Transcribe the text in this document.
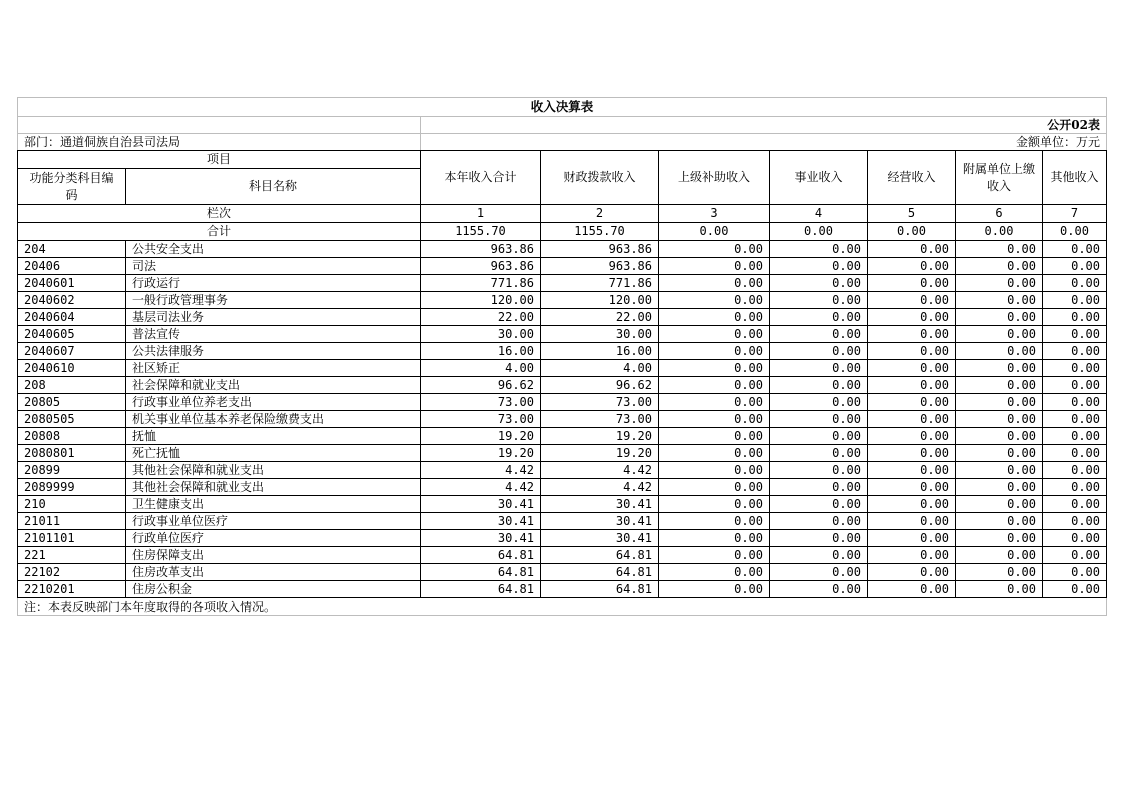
收入决算表								
		公开02表						
部门：通道侗族自治县司法局		金额单位：万元						
项目		本年收入合计	财政拨款收入	上级补助收入	事业收入	经营收入	附属单位上缴收入	其他收入
功能分类科目编码	科目名称							
栏次		1	2	3	4	5	6	7
合计		1155.70	1155.70	0.00	0.00	0.00	0.00	0.00
204	公共安全支出	963.86	963.86	0.00	0.00	0.00	0.00	0.00
20406	司法	963.86	963.86	0.00	0.00	0.00	0.00	0.00
2040601	行政运行	771.86	771.86	0.00	0.00	0.00	0.00	0.00
2040602	一般行政管理事务	120.00	120.00	0.00	0.00	0.00	0.00	0.00
2040604	基层司法业务	22.00	22.00	0.00	0.00	0.00	0.00	0.00
2040605	普法宣传	30.00	30.00	0.00	0.00	0.00	0.00	0.00
2040607	公共法律服务	16.00	16.00	0.00	0.00	0.00	0.00	0.00
2040610	社区矫正	4.00	4.00	0.00	0.00	0.00	0.00	0.00
208	社会保障和就业支出	96.62	96.62	0.00	0.00	0.00	0.00	0.00
20805	行政事业单位养老支出	73.00	73.00	0.00	0.00	0.00	0.00	0.00
2080505	机关事业单位基本养老保险缴费支出	73.00	73.00	0.00	0.00	0.00	0.00	0.00
20808	抚恤	19.20	19.20	0.00	0.00	0.00	0.00	0.00
2080801	死亡抚恤	19.20	19.20	0.00	0.00	0.00	0.00	0.00
20899	其他社会保障和就业支出	4.42	4.42	0.00	0.00	0.00	0.00	0.00
2089999	其他社会保障和就业支出	4.42	4.42	0.00	0.00	0.00	0.00	0.00
210	卫生健康支出	30.41	30.41	0.00	0.00	0.00	0.00	0.00
21011	行政事业单位医疗	30.41	30.41	0.00	0.00	0.00	0.00	0.00
2101101	行政单位医疗	30.41	30.41	0.00	0.00	0.00	0.00	0.00
221	住房保障支出	64.81	64.81	0.00	0.00	0.00	0.00	0.00
22102	住房改革支出	64.81	64.81	0.00	0.00	0.00	0.00	0.00
2210201	住房公积金	64.81	64.81	0.00	0.00	0.00	0.00	0.00
注：本表反映部门本年度取得的各项收入情况。								
